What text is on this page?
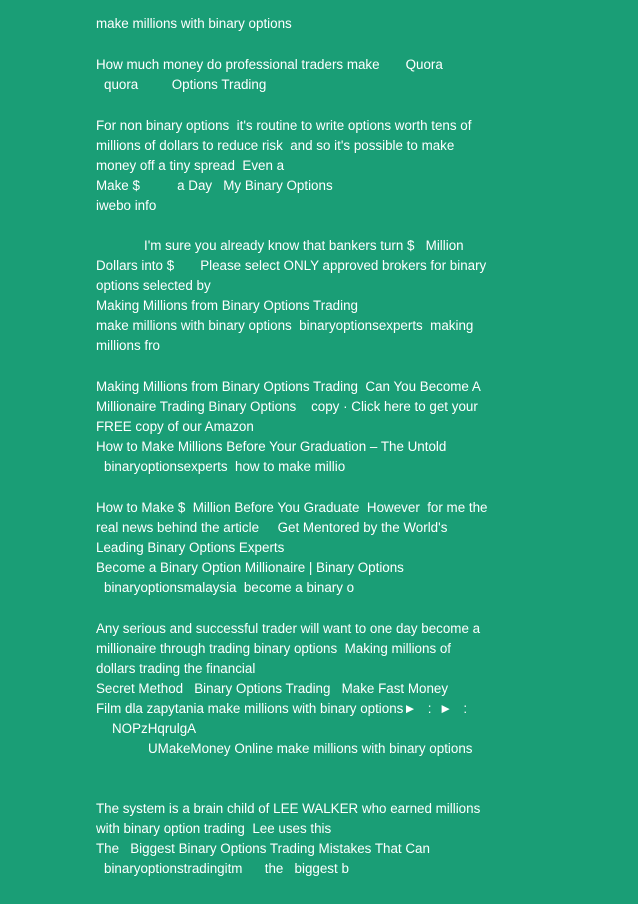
make millions with binary options
How much money do professional traders make       Quora
quora         Options Trading
For non binary options  it's routine to write options worth tens of
millions of dollars to reduce risk  and so it's possible to make
money off a tiny spread  Even a
Make $          a Day   My Binary Options
iwebo info
I'm sure you already know that bankers turn $   Million
Dollars into $       Please select ONLY approved brokers for binary
options selected by
Making Millions from Binary Options Trading
make millions with binary options  binaryoptionsexperts  making
millions fro
Making Millions from Binary Options Trading  Can You Become A
Millionaire Trading Binary Options    copy · Click here to get your
FREE copy of our Amazon
How to Make Millions Before Your Graduation – The Untold
binaryoptionsexperts  how to make millio
How to Make $  Million Before You Graduate  However  for me the
real news behind the article     Get Mentored by the World's
Leading Binary Options Experts
Become a Binary Option Millionaire | Binary Options
binaryoptionsmalaysia  become a binary o
Any serious and successful trader will want to one day become a
millionaire through trading binary options  Making millions of
dollars trading the financial
Secret Method   Binary Options Trading   Make Fast Money
Film dla zapytania make millions with binary options►   :  ►   :
NOPzHqrulgA
UMakeMoney Online make millions with binary options
The system is a brain child of LEE WALKER who earned millions
with binary option trading  Lee uses this
The   Biggest Binary Options Trading Mistakes That Can
binaryoptionstradingitm      the   biggest b
